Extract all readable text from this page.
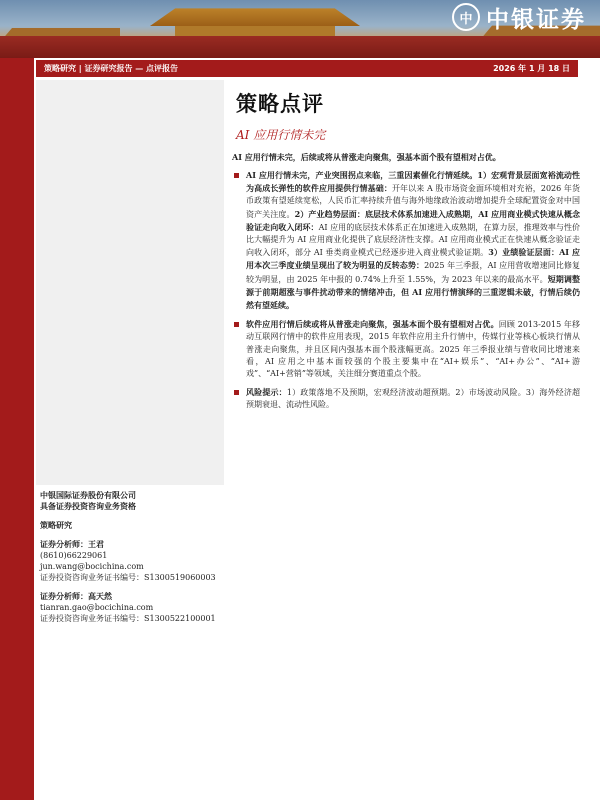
中 中银证券
策略研究 | 证券研究报告 — 点评报告	2026 年 1 月 18 日
中银国际证券股份有限公司
具备证券投资咨询业务资格
策略研究
证券分析师：王君
(8610)66229061
jun.wang@bocichina.com
证券投资咨询业务证书编号：S1300519060003
证券分析师：高天然
tianran.gao@bocichina.com
证券投资咨询业务证书编号：S1300522100001
策略点评
AI 应用行情未完
AI 应用行情未完，后续或将从普涨走向聚焦，强基本面个股有望相对占优。
AI 应用行情未完，产业突围拐点来临，三重因素催化行情延续。1）宏观背景层面宽裕流动性为高成长弹性的软件应用提供行情基础：开年以来 A 股市场资金面环境相对充裕，2026 年货币政策有望延续宽松，人民币汇率持续升值与海外地缘政治波动增加提升全球配置资金对中国资产关注度。2）产业趋势层面：底层技术体系加速进入成熟期，AI 应用商业模式快速从概念验证走向收入闭环：AI 应用的底层技术体系正在加速进入成熟期，在算力层，推理效率与性价比大幅提升为 AI 应用商业化提供了底层经济性支撑。AI 应用商业模式正在快速从概念验证走向收入闭环，部分 AI 垂类商业模式已经逐步进入商业模式验证期。3）业绩验证层面：AI 应用本次三季度业绩呈现出了较为明显的反转态势：2025 年三季报，AI 应用营收增速同比修复较为明显，由 2025 年中报的 0.74%上升至 1.55%，为 2023 年以来的最高水平。短期调整源于前期超涨与事件扰动带来的情绪冲击，但 AI 应用行情演绎的三重逻辑未破，行情后续仍然有望延续。
软件应用行情后续或将从普涨走向聚焦，强基本面个股有望相对占优。回顾 2013-2015 年移动互联网行情中的软件应用表现，2015 年软件应用主升行情中，传媒行业等核心板块行情从普涨走向聚焦，并且区间内强基本面个股涨幅更高。2025 年三季报业绩与营收同比增速来看，AI 应用之中基本面较强的个股主要集中在“AI+娱乐”、“AI+办公”、“AI+游戏”、“AI+营销”等领域，关注细分赛道重点个股。
风险提示：1）政策落地不及预期，宏观经济波动超预期。2）市场波动风险。3）海外经济超预期衰退、流动性风险。
